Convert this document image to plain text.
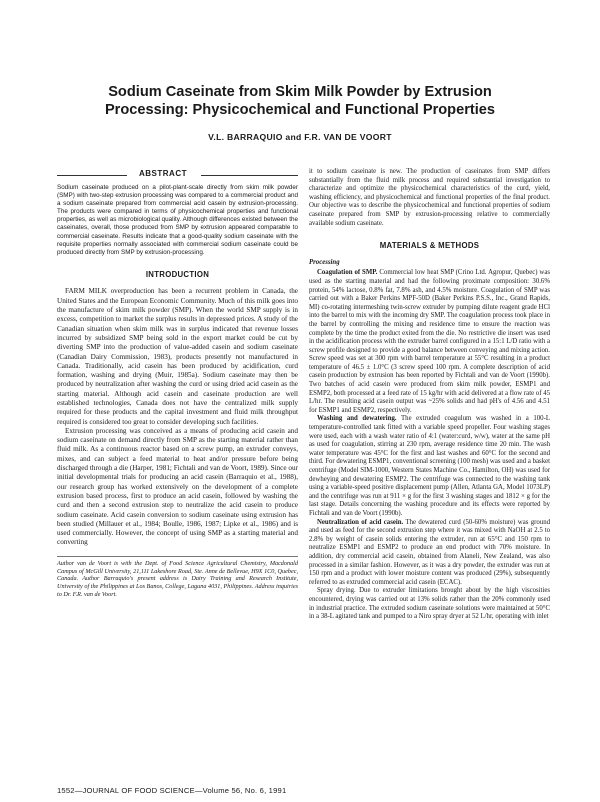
Sodium Caseinate from Skim Milk Powder by Extrusion
Processing: Physicochemical and Functional Properties
V.L. BARRAQUIO and F.R. VAN DE VOORT
ABSTRACT
Sodium caseinate produced on a pilot-plant-scale directly from skim milk powder (SMP) with two-step extrusion processing was compared to a commercial product and a sodium caseinate prepared from commercial acid casein by extrusion-processing. The products were compared in terms of physicochemical properties and functional properties, as well as microbiological quality. Although differences existed between the caseinates, overall, those produced from SMP by extrusion appeared comparable to commercial caseinate. Results indicate that a good-quality sodium caseinate with the requisite properties normally associated with commercial sodium caseinate could be produced directly from SMP by extrusion-processing.
INTRODUCTION

FARM MILK overproduction has been a recurrent problem in Canada, the United States and the European Economic Community. Much of this milk goes into the manufacture of skim milk powder (SMP). When the world SMP supply is in excess, competition to market the surplus results in depressed prices. A study of the Canadian situation when skim milk was in surplus indicated that revenue losses incurred by subsidized SMP being sold in the export market could be cut by diverting SMP into the production of value-added casein and sodium caseinate (Canadian Dairy Commission, 1983), products presently not manufactured in Canada. Traditionally, acid casein has been produced by acidification, curd formation, washing and drying (Muir, 1985a). Sodium caseinate may then be produced by neutralization after washing the curd or using dried acid casein as the starting material. Although acid casein and caseinate production are well established technologies, Canada does not have the centralized milk supply required for these products and the capital investment and fluid milk throughput required is considered too great to consider developing such facilities.

Extrusion processing was conceived as a means of producing acid casein and sodium caseinate on demand directly from SMP as the starting material rather than fluid milk. As a continuous reactor based on a screw pump, an extruder conveys, mixes, and can subject a feed material to heat and/or pressure before being discharged through a die (Harper, 1981; Fichtali and van de Voort, 1989). Since our initial developmental trials for producing an acid casein (Barraquio et al., 1988), our research group has worked extensively on the development of a complete extrusion based process, first to produce an acid casein, followed by washing the curd and then a second extrusion step to neutralize the acid casein to produce sodium caseinate. Acid casein conversion to sodium caseinate using extrusion has been studied (Millauer et al., 1984; Boulle, 1986, 1987; Lipke et al., 1986) and is used commercially. However, the concept of using SMP as a starting material and converting

Author van de Voort is with the Dept. of Food Science Agricultural Chemistry, Macdonald Campus of McGill University, 21,111 Lakeshore Road, Ste. Anne de Bellevue, H9X 1C0, Quebec, Canada. Author Barraquio's present address is Dairy Training and Research Institute, University of the Philippines at Los Banos, College, Laguna 4031, Philippines. Address inquiries to Dr. F.R. van de Voort.

it to sodium caseinate is new. The production of caseinates from SMP differs substantially from the fluid milk process and required substantial investigation to characterize and optimize the physicochemical characteristics of the curd, yield, washing efficiency, and physicochemical and functional properties of the final product. Our objective was to describe the physicochemical and functional properties of sodium caseinate prepared from SMP by extrusion-processing relative to commercially available sodium caseinate.

MATERIALS & METHODS
Processing

Coagulation of SMP. Commercial low heat SMP (Crino Ltd. Agropur, Quebec) was used as the starting material and had the following proximate composition: 30.6% protein, 54% lactose, 0.8% fat, 7.8% ash, and 4.5% moisture. Coagulation of SMP was carried out with a Baker Perkins MPF-50D (Baker Perkins P.S.S., Inc., Grand Rapids, MI) co-rotating intermeshing twin-screw extruder by pumping dilute reagent grade HCl into the barrel to mix with the incoming dry SMP. The coagulation process took place in the barrel by controlling the mixing and residence time to ensure the reaction was complete by the time the product exited from the die. No restrictive die insert was used in the acidification process with the extruder barrel configured in a 15:1 L/D ratio with a screw profile designed to provide a good balance between conveying and mixing action. Screw speed was set at 300 rpm with barrel temperature at 55°C resulting in a product temperature of 46.5 ± 1.0°C (3 screw speed 100 rpm. A complete description of acid casein production by extrusion has been reported by Fichtali and van de Voort (1990b). Two batches of acid casein were produced from skim milk powder, ESMP1 and ESMP2, both processed at a feed rate of 15 kg/hr with acid delivered at a flow rate of 45 L/hr. The resulting acid casein output was ~25% solids and had pH's of 4.56 and 4.51 for ESMP1 and ESMP2, respectively.

Washing and dewatering. The extruded coagulum was washed in a 100-L temperature-controlled tank fitted with a variable speed propeller. Four washing stages were used, each with a wash water ratio of 4:1 (water:curd, w/w), water at the same pH as used for coagulation, stirring at 230 rpm, average residence time 20 min. The wash water temperature was 45°C for the first and last washes and 60°C for the second and third. For dewatering ESMP1, conventional screening (100 mesh) was used and a basket centrifuge (Model SIM-1000, Western States Machine Co., Hamilton, OH) was used for dewheying and dewatering ESMP2. The centrifuge was connected to the washing tank using a variable-speed positive displacement pump (Allen, Atlanta GA, Model 1073LP) and the centrifuge was run at 911 × g for the first 3 washing stages and 1812 × g for the last stage. Details concerning the washing procedure and its effects were reported by Fichtali and van de Voort (1990b).

Neutralization of acid casein. The dewatered curd (50-60% moisture) was ground and used as feed for the second extrusion step where it was mixed with NaOH at 2.5 to 2.8% by weight of casein solids entering the extruder, run at 65°C and 150 rpm to neutralize ESMP1 and ESMP2 to produce an end product with 70% moisture. In addition, dry commercial acid casein, obtained from Alaneli, New Zealand, was also processed in a similar fashion. However, as it was a dry powder, the extruder was run at 150 rpm and a product with lower moisture content was produced (29%), subsequently referred to as extruded commercial acid casein (ECAC).

Spray drying. Due to extruder limitations brought about by the high viscosities encountered, drying was carried out at 13% solids rather than the 20% commonly used in industrial practice. The extruded sodium caseinate solutions were maintained at 50°C in a 38-L agitated tank and pumped to a Niro spray dryer at 52 L/hr, operating with inlet

1552—JOURNAL OF FOOD SCIENCE—Volume 56, No. 6, 1991
